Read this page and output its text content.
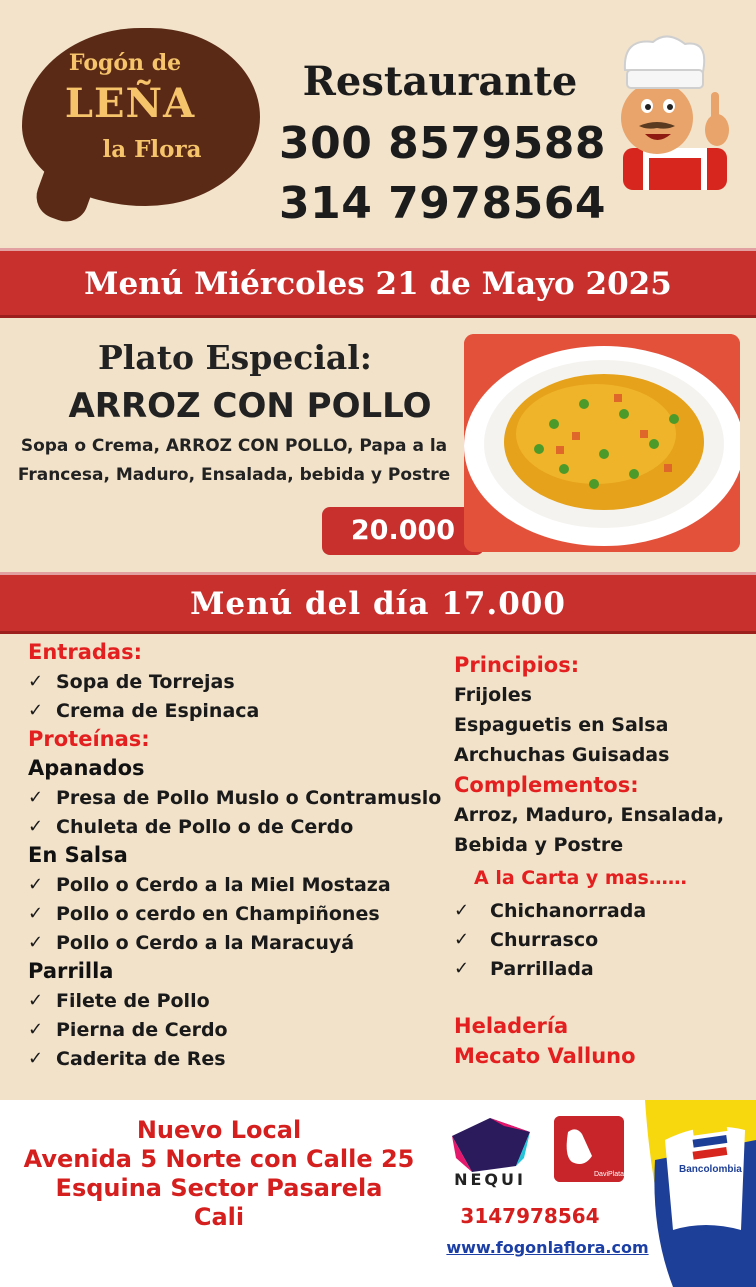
Fogón de
LEÑA
la Flora
Restaurante
300 8579588
314 7978564
Menú Miércoles 21 de Mayo 2025
Plato Especial:
ARROZ CON POLLO
Sopa o Crema, ARROZ CON POLLO, Papa a la Francesa, Maduro, Ensalada, bebida y Postre
20.000
Menú del día 17.000
Entradas:
✓ Sopa de Torrejas
✓ Crema de Espinaca
Proteínas:
Apanados
✓ Presa de Pollo Muslo o Contramuslo
✓ Chuleta de Pollo o de Cerdo
En Salsa
✓ Pollo o Cerdo a la Miel Mostaza
✓ Pollo o cerdo en Champiñones
✓ Pollo o Cerdo a la Maracuyá
Parrilla
✓ Filete de Pollo
✓ Pierna de Cerdo
✓ Caderita de Res
Principios:
Frijoles
Espaguetis en Salsa
Archuchas Guisadas
Complementos:
Arroz, Maduro, Ensalada,
Bebida y Postre
A la Carta y mas……
✓	Chichanorrada
✓	Churrasco
✓	Parrillada
Heladería
Mecato Valluno
Nuevo Local
Avenida 5 Norte con Calle 25
Esquina Sector Pasarela
Cali
NEQUI	DaviPlata	Bancolombia
3147978564
www.fogonlaflora.com
